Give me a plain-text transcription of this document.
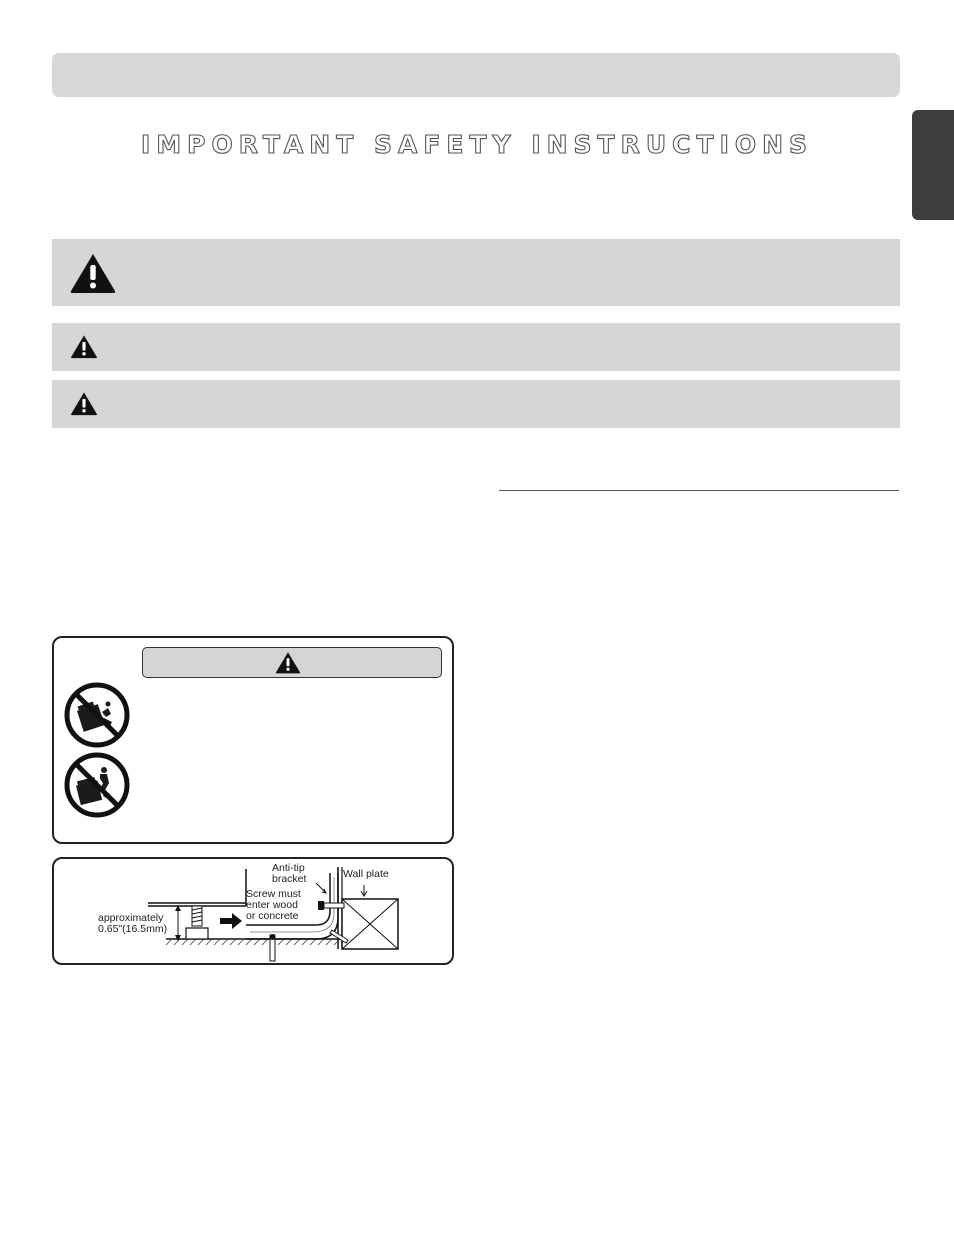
IMPORTANT SAFETY INSTRUCTIONS
Anti-tip
bracket	Wall plate
Screw must
enter wood
or concrete
approximately
0.65"(16.5mm)
